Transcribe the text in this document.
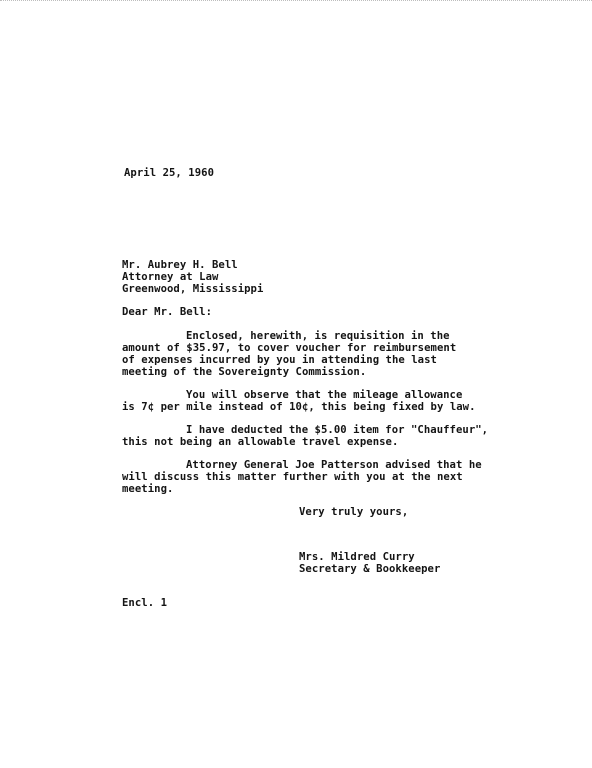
April 25, 1960
Mr. Aubrey H. Bell
Attorney at Law
Greenwood, Mississippi
Dear Mr. Bell:
Enclosed, herewith, is requisition in the
amount of $35.97, to cover voucher for reimbursement
of expenses incurred by you in attending the last
meeting of the Sovereignty Commission.
You will observe that the mileage allowance
is 7¢ per mile instead of 10¢, this being fixed by law.
I have deducted the $5.00 item for "Chauffeur",
this not being an allowable travel expense.
Attorney General Joe Patterson advised that he
will discuss this matter further with you at the next
meeting.
Very truly yours,
Mrs. Mildred Curry
Secretary & Bookkeeper
Encl. 1
